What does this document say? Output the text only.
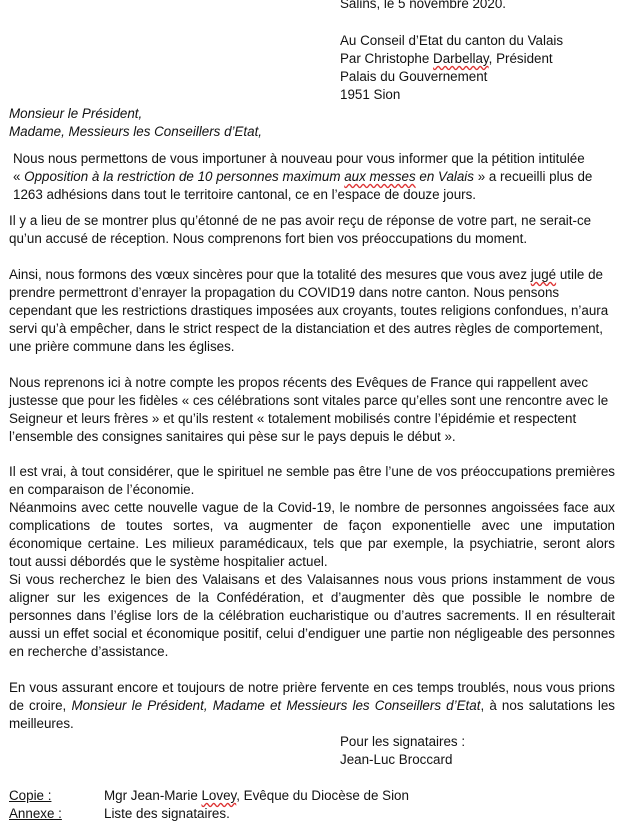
Salins, le 5 novembre 2020.
Au Conseil d’Etat du canton du Valais
Par Christophe Darbellay, Président
Palais du Gouvernement
1951 Sion
Monsieur le Président,
Madame, Messieurs les Conseillers d’Etat,
Nous nous permettons de vous importuner à nouveau pour vous informer que la pétition intitulée
« Opposition à la restriction de 10 personnes maximum aux messes en Valais » a recueilli plus de
1263 adhésions dans tout le territoire cantonal, ce en l’espace de douze jours.
Il y a lieu de se montrer plus qu’étonné de ne pas avoir reçu de réponse de votre part, ne serait-ce
qu’un accusé de réception. Nous comprenons fort bien vos préoccupations du moment.
Ainsi, nous formons des vœux sincères pour que la totalité des mesures que vous avez jugé utile de
prendre permettront d’enrayer la propagation du COVID19 dans notre canton. Nous pensons
cependant que les restrictions drastiques imposées aux croyants, toutes religions confondues, n’aura
servi qu’à empêcher, dans le strict respect de la distanciation et des autres règles de comportement,
une prière commune dans les églises.
Nous reprenons ici à notre compte les propos récents des Evêques de France qui rappellent avec
justesse que pour les fidèles « ces célébrations sont vitales parce qu’elles sont une rencontre avec le
Seigneur et leurs frères » et qu’ils restent « totalement mobilisés contre l’épidémie et respectent
l’ensemble des consignes sanitaires qui pèse sur le pays depuis le début ».
Il est vrai, à tout considérer, que le spirituel ne semble pas être l’une de vos préoccupations premières en comparaison de l’économie.
Néanmoins avec cette nouvelle vague de la Covid-19, le nombre de personnes angoissées face aux complications de toutes sortes, va augmenter de façon exponentielle avec une imputation économique certaine. Les milieux paramédicaux, tels que par exemple, la psychiatrie, seront alors tout aussi débordés que le système hospitalier actuel.
Si vous recherchez le bien des Valaisans et des Valaisannes nous vous prions instamment de vous aligner sur les exigences de la Confédération, et d’augmenter dès que possible le nombre de personnes dans l’église lors de la célébration eucharistique ou d’autres sacrements. Il en résulterait aussi un effet social et économique positif, celui d’endiguer une partie non négligeable des personnes en recherche d’assistance.
En vous assurant encore et toujours de notre prière fervente en ces temps troublés, nous vous prions de croire, Monsieur le Président, Madame et Messieurs les Conseillers d’Etat, à nos salutations les meilleures.
Pour les signataires :
Jean-Luc Broccard
Copie :	Mgr Jean-Marie Lovey, Evêque du Diocèse de Sion
Annexe :	Liste des signataires.
